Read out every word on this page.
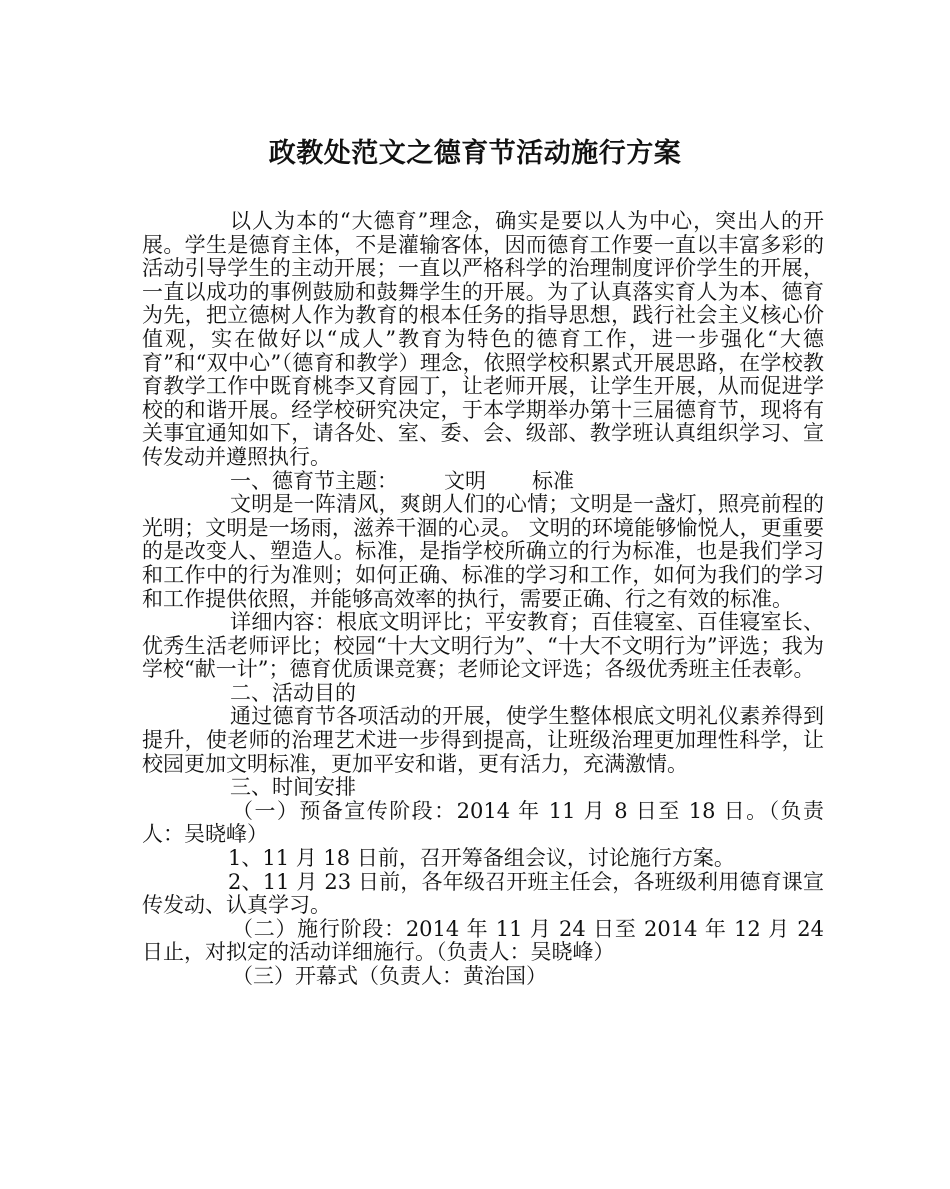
政教处范文之德育节活动施行方案

以人为本的“大德育”理念，确实是要以人为中心，突出人的开展。学生是德育主体，不是灌输客体，因而德育工作要一直以丰富多彩的活动引导学生的主动开展；一直以严格科学的治理制度评价学生的开展，一直以成功的事例鼓励和鼓舞学生的开展。为了认真落实育人为本、德育为先，把立德树人作为教育的根本任务的指导思想，践行社会主义核心价值观，实在做好以“成人”教育为特色的德育工作，进一步强化“大德育”和“双中心”（德育和教学）理念，依照学校积累式开展思路，在学校教育教学工作中既育桃李又育园丁，让老师开展，让学生开展，从而促进学校的和谐开展。经学校研究决定，于本学期举办第十三届德育节，现将有关事宜通知如下，请各处、室、委、会、级部、教学班认真组织学习、宣传发动并遵照执行。

一、德育节主题： 文明 标准

文明是一阵清风，爽朗人们的心情；文明是一盏灯，照亮前程的光明；文明是一场雨，滋养干涸的心灵。 文明的环境能够愉悦人，更重要的是改变人、塑造人。标准，是指学校所确立的行为标准，也是我们学习和工作中的行为准则；如何正确、标准的学习和工作，如何为我们的学习和工作提供依照，并能够高效率的执行，需要正确、行之有效的标准。

详细内容：根底文明评比；平安教育；百佳寝室、百佳寝室长、优秀生活老师评比；校园“十大文明行为”、“十大不文明行为”评选；我为学校“献一计”；德育优质课竞赛；老师论文评选；各级优秀班主任表彰。

二、活动目的

通过德育节各项活动的开展，使学生整体根底文明礼仪素养得到提升，使老师的治理艺术进一步得到提高，让班级治理更加理性科学，让校园更加文明标准，更加平安和谐，更有活力，充满激情。

三、时间安排

（一）预备宣传阶段：2014 年 11 月 8 日至 18 日。（负责人：吴晓峰）

1、11 月 18 日前，召开筹备组会议，讨论施行方案。

2、11 月 23 日前，各年级召开班主任会，各班级利用德育课宣传发动、认真学习。

（二）施行阶段：2014 年 11 月 24 日至 2014 年 12 月 24 日止，对拟定的活动详细施行。（负责人：吴晓峰）

（三）开幕式（负责人：黄治国）
